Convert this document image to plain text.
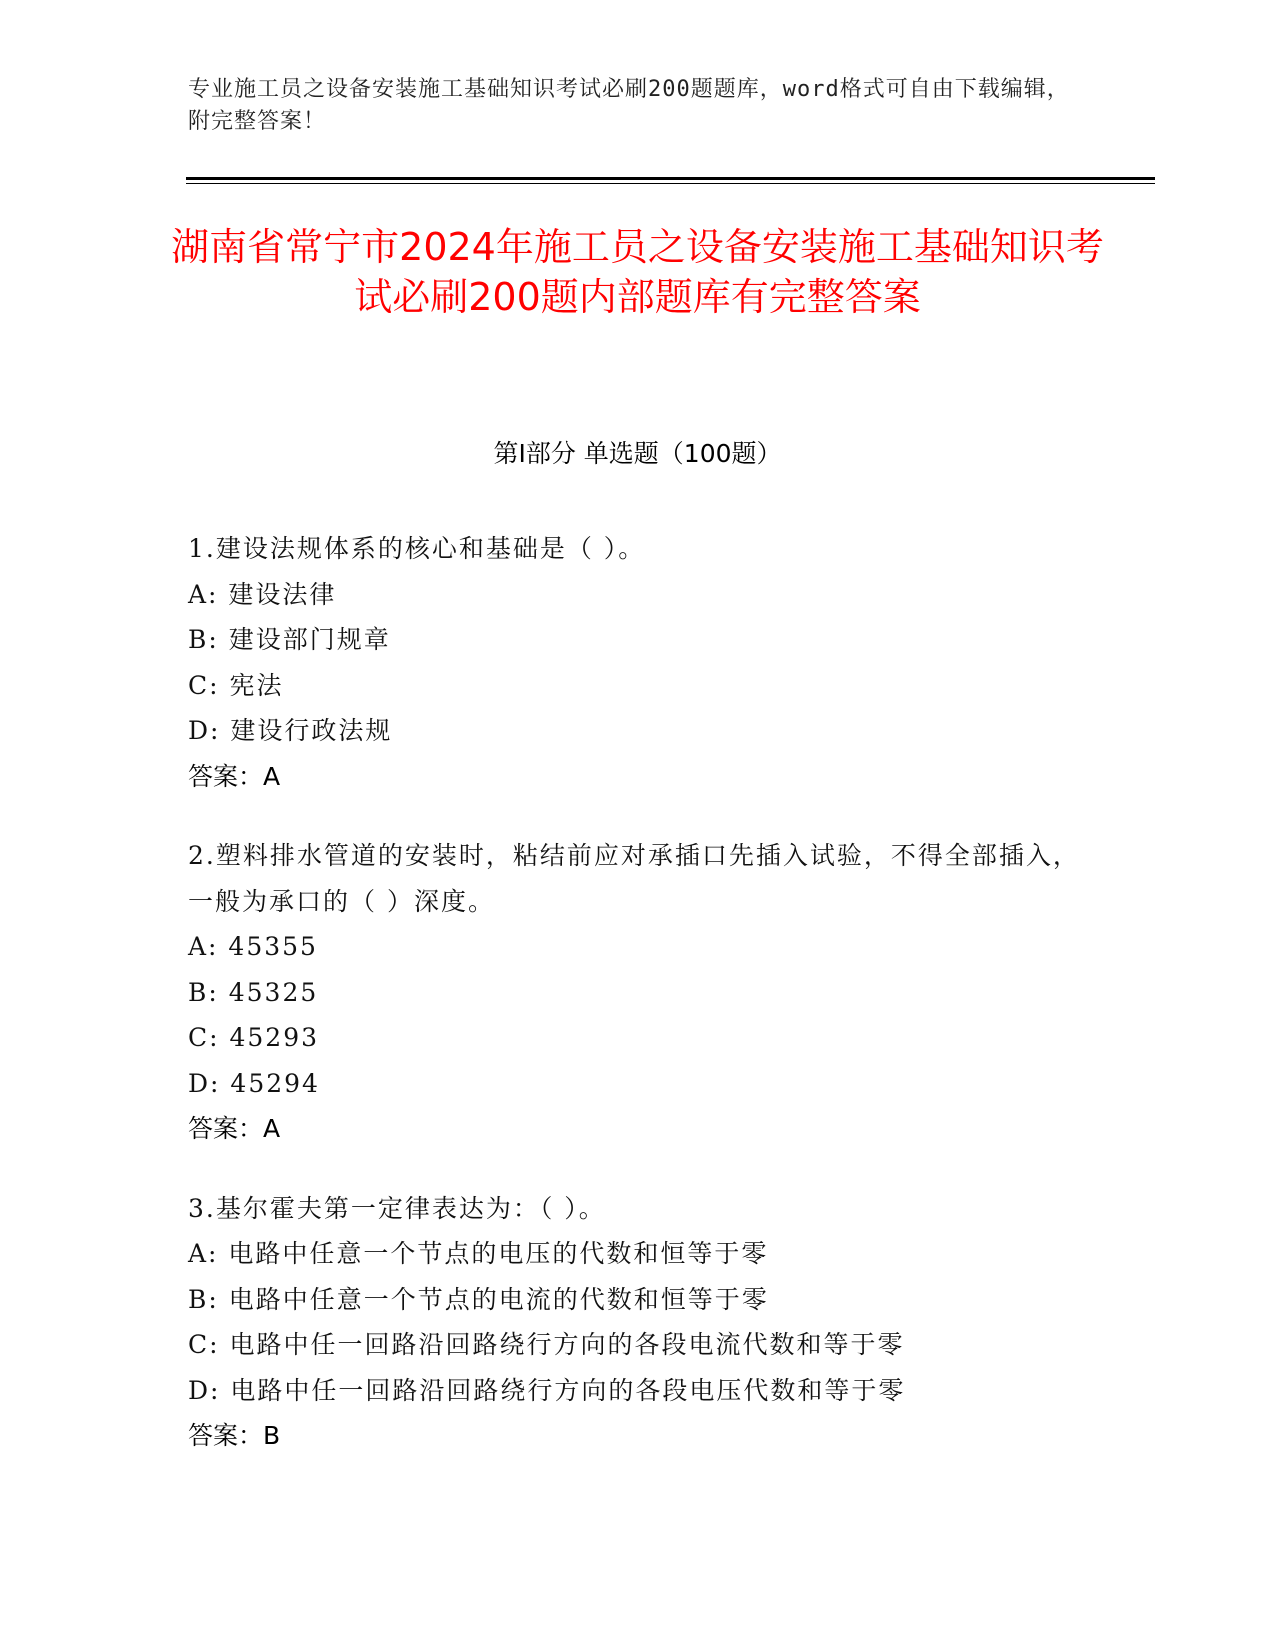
专业施工员之设备安装施工基础知识考试必刷200题题库，word格式可自由下载编辑，附完整答案！
湖南省常宁市2024年施工员之设备安装施工基础知识考试必刷200题内部题库有完整答案
第I部分 单选题（100题）
1.建设法规体系的核心和基础是（ ）。
A: 建设法律
B: 建设部门规章
C: 宪法
D: 建设行政法规
答案：A
2.塑料排水管道的安装时，粘结前应对承插口先插入试验，不得全部插入，一般为承口的（ ）深度。
A: 45355
B: 45325
C: 45293
D: 45294
答案：A
3.基尔霍夫第一定律表达为：（ ）。
A: 电路中任意一个节点的电压的代数和恒等于零
B: 电路中任意一个节点的电流的代数和恒等于零
C: 电路中任一回路沿回路绕行方向的各段电流代数和等于零
D: 电路中任一回路沿回路绕行方向的各段电压代数和等于零
答案：B
